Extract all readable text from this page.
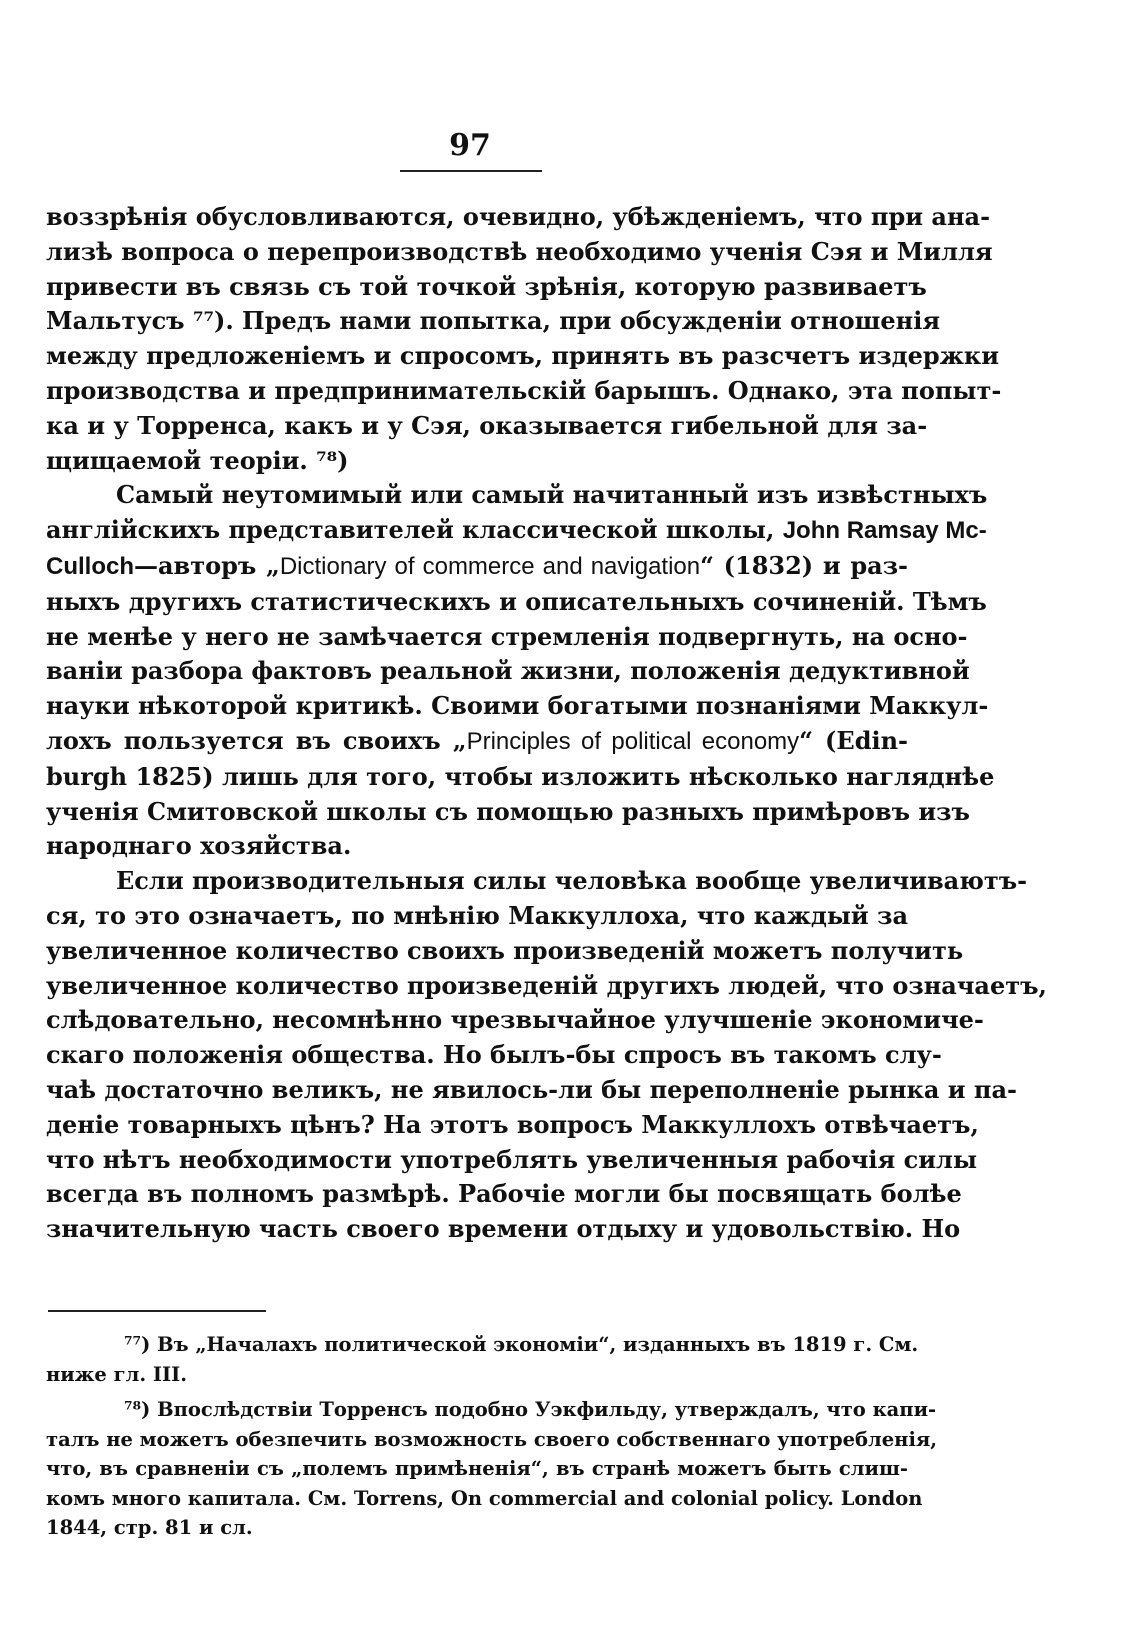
97
воззрѣнія обусловливаются, очевидно, убѣжденіемъ, что при ана-
лизѣ вопроса о перепроизводствѣ необходимо ученія Сэя и Милля
привести въ связь съ той точкой зрѣнія, которую развиваетъ
Мальтусъ ⁷⁷). Предъ нами попытка, при обсужденіи отношенія
между предложеніемъ и спросомъ, принять въ разсчетъ издержки
производства и предпринимательскій барышъ. Однако, эта попыт-
ка и у Торренса, какъ и у Сэя, оказывается гибельной для за-
щищаемой теоріи. ⁷⁸)
Самый неутомимый или самый начитанный изъ извѣстныхъ
англійскихъ представителей классической школы, John Ramsay Mc-
Culloch—авторъ „Dictionary of commerce and navigation“ (1832) и раз-
ныхъ другихъ статистическихъ и описательныхъ сочиненій. Тѣмъ
не менѣе у него не замѣчается стремленія подвергнуть, на осно-
ваніи разбора фактовъ реальной жизни, положенія дедуктивной
науки нѣкоторой критикѣ. Своими богатыми познаніями Маккул-
лохъ пользуется въ своихъ „Principles of political economy“ (Edin-
burgh 1825) лишь для того, чтобы изложить нѣсколько нагляднѣе
ученія Смитовской школы съ помощью разныхъ примѣровъ изъ
народнаго хозяйства.
Если производительныя силы человѣка вообще увеличиваютъ-
ся, то это означаетъ, по мнѣнію Маккуллоха, что каждый за
увеличенное количество своихъ произведеній можетъ получить
увеличенное количество произведеній другихъ людей, что означаетъ,
слѣдовательно, несомнѣнно чрезвычайное улучшеніе экономиче-
скаго положенія общества. Но былъ-бы спросъ въ такомъ слу-
чаѣ достаточно великъ, не явилось-ли бы переполненіе рынка и па-
деніе товарныхъ цѣнъ? На этотъ вопросъ Маккуллохъ отвѣчаетъ,
что нѣтъ необходимости употреблять увеличенныя рабочія силы
всегда въ полномъ размѣрѣ. Рабочіе могли бы посвящать болѣе
значительную часть своего времени отдыху и удовольствію. Но
⁷⁷) Въ „Началахъ политической экономіи“, изданныхъ въ 1819 г. См.
ниже гл. III.
⁷⁸) Впослѣдствіи Торренсъ подобно Уэкфильду, утверждалъ, что капи-
талъ не можетъ обезпечить возможность своего собственнаго употребленія,
что, въ сравненіи съ „полемъ примѣненія“, въ странѣ можетъ быть слиш-
комъ много капитала. См. Torrens, On commercial and colonial policy. London
1844, стр. 81 и сл.
